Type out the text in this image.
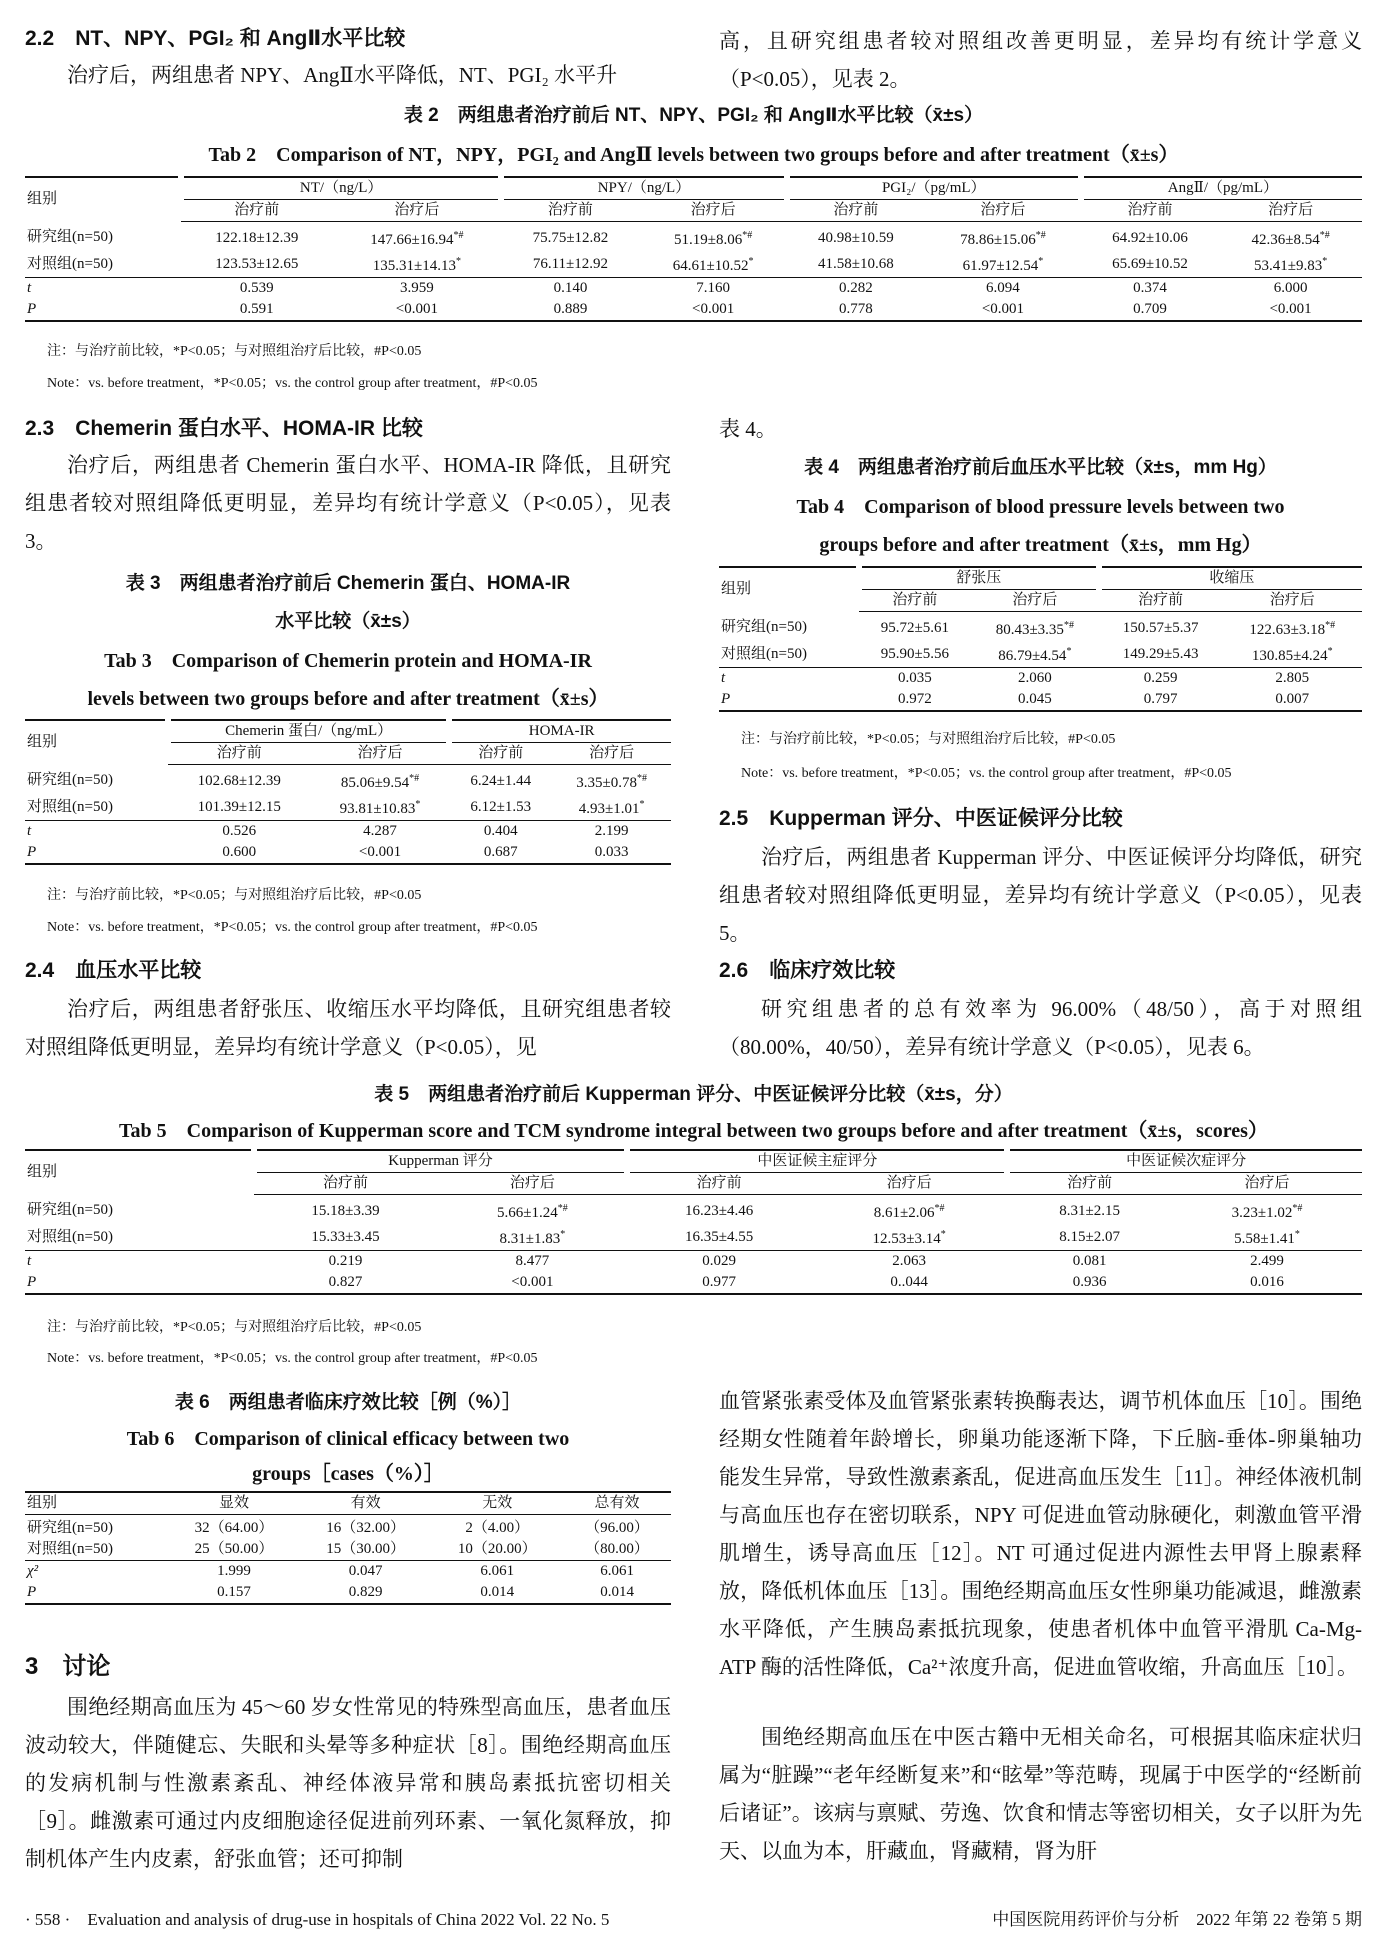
2.2　NT、NPY、PGI₂ 和 AngⅡ水平比较
治疗后，两组患者 NPY、AngⅡ水平降低，NT、PGI₂ 水平升
高，且研究组患者较对照组改善更明显，差异均有统计学意义（P<0.05），见表 2。
表 2　两组患者治疗前后 NT、NPY、PGI₂ 和 AngⅡ水平比较（x̄±s）
Tab 2　Comparison of NT，NPY，PGI₂ and AngⅡ levels between two groups before and after treatment（x̄±s）
组别	NT/（ng/L）		NPY/（ng/L）		PGI₂/（pg/mL）		AngⅡ/（pg/mL）	
	治疗前	治疗后	治疗前	治疗后	治疗前	治疗后	治疗前	治疗后
研究组(n=50)	122.18±12.39	147.66±16.94*#	75.75±12.82	51.19±8.06*#	40.98±10.59	78.86±15.06*#	64.92±10.06	42.36±8.54*#
对照组(n=50)	123.53±12.65	135.31±14.13*	76.11±12.92	64.61±10.52*	41.58±10.68	61.97±12.54*	65.69±10.52	53.41±9.83*
t	0.539	3.959	0.140	7.160	0.282	6.094	0.374	6.000
P	0.591	<0.001	0.889	<0.001	0.778	<0.001	0.709	<0.001
注：与治疗前比较，*P<0.05；与对照组治疗后比较，#P<0.05
Note：vs. before treatment，*P<0.05；vs. the control group after treatment，#P<0.05
2.3　Chemerin 蛋白水平、HOMA-IR 比较
治疗后，两组患者 Chemerin 蛋白水平、HOMA-IR 降低，且研究组患者较对照组降低更明显，差异均有统计学意义（P<0.05），见表 3。
表 3　两组患者治疗前后 Chemerin 蛋白、HOMA-IR
水平比较（x̄±s）
Tab 3　Comparison of Chemerin protein and HOMA-IR
levels between two groups before and after treatment（x̄±s）
组别	Chemerin 蛋白/（ng/mL）		HOMA-IR	
	治疗前	治疗后	治疗前	治疗后
研究组(n=50)	102.68±12.39	85.06±9.54*#	6.24±1.44	3.35±0.78*#
对照组(n=50)	101.39±12.15	93.81±10.83*	6.12±1.53	4.93±1.01*
t	0.526	4.287	0.404	2.199
P	0.600	<0.001	0.687	0.033
注：与治疗前比较，*P<0.05；与对照组治疗后比较，#P<0.05
Note：vs. before treatment，*P<0.05；vs. the control group after treatment，#P<0.05
2.4　血压水平比较
治疗后，两组患者舒张压、收缩压水平均降低，且研究组患者较对照组降低更明显，差异均有统计学意义（P<0.05），见
表 4。
表 4　两组患者治疗前后血压水平比较（x̄±s，mm Hg）
Tab 4　Comparison of blood pressure levels between two
groups before and after treatment（x̄±s，mm Hg）
组别	舒张压		收缩压	
	治疗前	治疗后	治疗前	治疗后
研究组(n=50)	95.72±5.61	80.43±3.35*#	150.57±5.37	122.63±3.18*#
对照组(n=50)	95.90±5.56	86.79±4.54*	149.29±5.43	130.85±4.24*
t	0.035	2.060	0.259	2.805
P	0.972	0.045	0.797	0.007
注：与治疗前比较，*P<0.05；与对照组治疗后比较，#P<0.05
Note：vs. before treatment，*P<0.05；vs. the control group after treatment，#P<0.05
2.5　Kupperman 评分、中医证候评分比较
治疗后，两组患者 Kupperman 评分、中医证候评分均降低，研究组患者较对照组降低更明显，差异均有统计学意义（P<0.05），见表 5。
2.6　临床疗效比较
研究组患者的总有效率为 96.00%（48/50），高于对照组（80.00%，40/50），差异有统计学意义（P<0.05），见表 6。
表 5　两组患者治疗前后 Kupperman 评分、中医证候评分比较（x̄±s，分）
Tab 5　Comparison of Kupperman score and TCM syndrome integral between two groups before and after treatment（x̄±s，scores）
组别	Kupperman 评分		中医证候主症评分		中医证候次症评分	
	治疗前	治疗后	治疗前	治疗后	治疗前	治疗后
研究组(n=50)	15.18±3.39	5.66±1.24*#	16.23±4.46	8.61±2.06*#	8.31±2.15	3.23±1.02*#
对照组(n=50)	15.33±3.45	8.31±1.83*	16.35±4.55	12.53±3.14*	8.15±2.07	5.58±1.41*
t	0.219	8.477	0.029	2.063	0.081	2.499
P	0.827	<0.001	0.977	0..044	0.936	0.016
注：与治疗前比较，*P<0.05；与对照组治疗后比较，#P<0.05
Note：vs. before treatment，*P<0.05；vs. the control group after treatment，#P<0.05
表 6　两组患者临床疗效比较［例（%）］
Tab 6　Comparison of clinical efficacy between two
groups［cases（%）］
组别	显效	有效	无效	总有效
研究组(n=50)	32（64.00）	16（32.00）	2（4.00）	（96.00）
对照组(n=50)	25（50.00）	15（30.00）	10（20.00）	（80.00）
χ²	1.999	0.047	6.061	6.061
P	0.157	0.829	0.014	0.014
3　讨论
围绝经期高血压为 45～60 岁女性常见的特殊型高血压，患者血压波动较大，伴随健忘、失眠和头晕等多种症状［8］。围绝经期高血压的发病机制与性激素紊乱、神经体液异常和胰岛素抵抗密切相关［9］。雌激素可通过内皮细胞途径促进前列环素、一氧化氮释放，抑制机体产生内皮素，舒张血管；还可抑制
血管紧张素受体及血管紧张素转换酶表达，调节机体血压［10］。围绝经期女性随着年龄增长，卵巢功能逐渐下降，下丘脑-垂体-卵巢轴功能发生异常，导致性激素紊乱，促进高血压发生［11］。神经体液机制与高血压也存在密切联系，NPY 可促进血管动脉硬化，刺激血管平滑肌增生，诱导高血压［12］。NT 可通过促进内源性去甲肾上腺素释放，降低机体血压［13］。围绝经期高血压女性卵巢功能减退，雌激素水平降低，产生胰岛素抵抗现象，使患者机体中血管平滑肌 Ca-Mg-ATP 酶的活性降低，Ca²⁺浓度升高，促进血管收缩，升高血压［10］。
围绝经期高血压在中医古籍中无相关命名，可根据其临床症状归属为“脏躁”“老年经断复来”和“眩晕”等范畴，现属于中医学的“经断前后诸证”。该病与禀赋、劳逸、饮食和情志等密切相关，女子以肝为先天、以血为本，肝藏血，肾藏精，肾为肝
· 558 ·　Evaluation and analysis of drug-use in hospitals of China 2022 Vol. 22 No. 5	中国医院用药评价与分析　2022 年第 22 卷第 5 期
